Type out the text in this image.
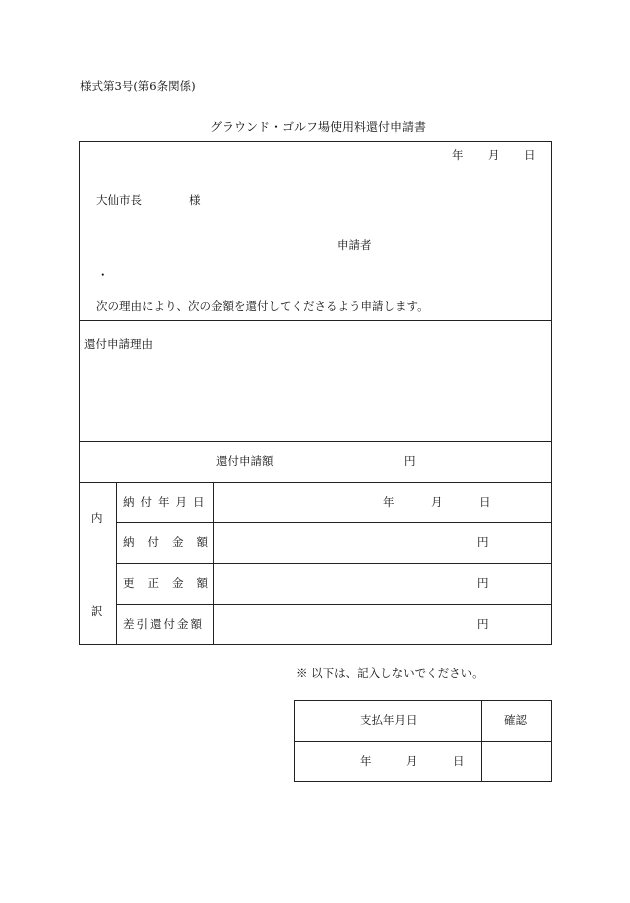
様式第3号(第6条関係)
グラウンド・ゴルフ場使用料還付申請書
年 月 日
大仙市長	様
申請者
・
次の理由により、次の金額を還付してくださるよう申請します。
還付申請理由
還付申請額	円
内
訳
納付年月日	年	月	日
納付金額	円
更正金額	円
差引還付金額	円
※ 以下は、記入しないでください。
支払年月日	確認
年	月	日
